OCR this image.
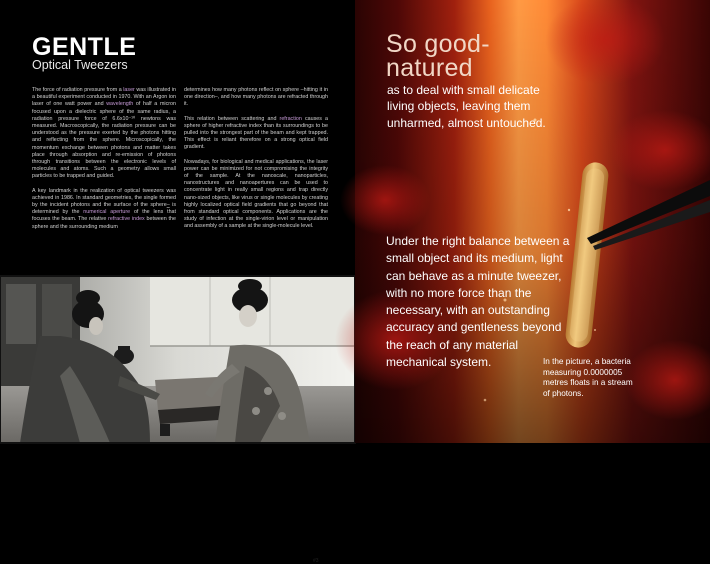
GENTLE
Optical Tweezers

The force of radiation pressure from a laser was illustrated in a beautiful experiment conducted in 1970. With an Argon ion laser of one watt power and wavelength of half a micron focused upon a dielectric sphere of the same radius, a radiation pressure force of 6.6x10⁻¹⁰ newtons was measured. Macroscopically, the radiation pressure can be understood as the pressure exerted by the photons hitting and reflecting from the sphere. Microscopically, the momentum exchange between photons and matter takes place through absorption and re-emission of photons through transitions between the electronic levels of molecules and atoms. Such a geometry allows small particles to be trapped and guided.

A key landmark in the realization of optical tweezers was achieved in 1986. In standard geometries, the single formed by the incident photons and the surface of the sphere– is determined by the numerical aperture of the lens that focuses the beam. The relative refractive index between the sphere and the surrounding medium

determines how many photons reflect on sphere –hitting it in one direction–, and how many photons are refracted through it.

This relation between scattering and refraction causes a sphere of higher refractive index than its surroundings to be pulled into the strongest part of the beam and kept trapped. This effect is reliant therefore on a strong optical field gradient.

Nowadays, for biological and medical applications, the laser power can be minimized for not compromising the integrity of the sample. At the nanoscale, nanoparticles, nanostructures and nanoapertures can be used to concentrate light in really small regions and trap directly nano-sized objects, like virus or single molecules by creating highly localized optical field gradients that go beyond that from standard optical components. Applications are the study of infection at the single-virion level or manipulation and assembly of a sample at the single-molecule level.

#3
So good-natured
as to deal with small delicate living objects, leaving them unharmed, almost untouched.
Under the right balance between a small object and its medium, light can behave as a minute tweezer, with no more force than the necessary, with an outstanding accuracy and gentleness beyond the reach of any material mechanical system.	In the picture, a bacteria measuring 0.0000005 metres floats in a stream of photons.
